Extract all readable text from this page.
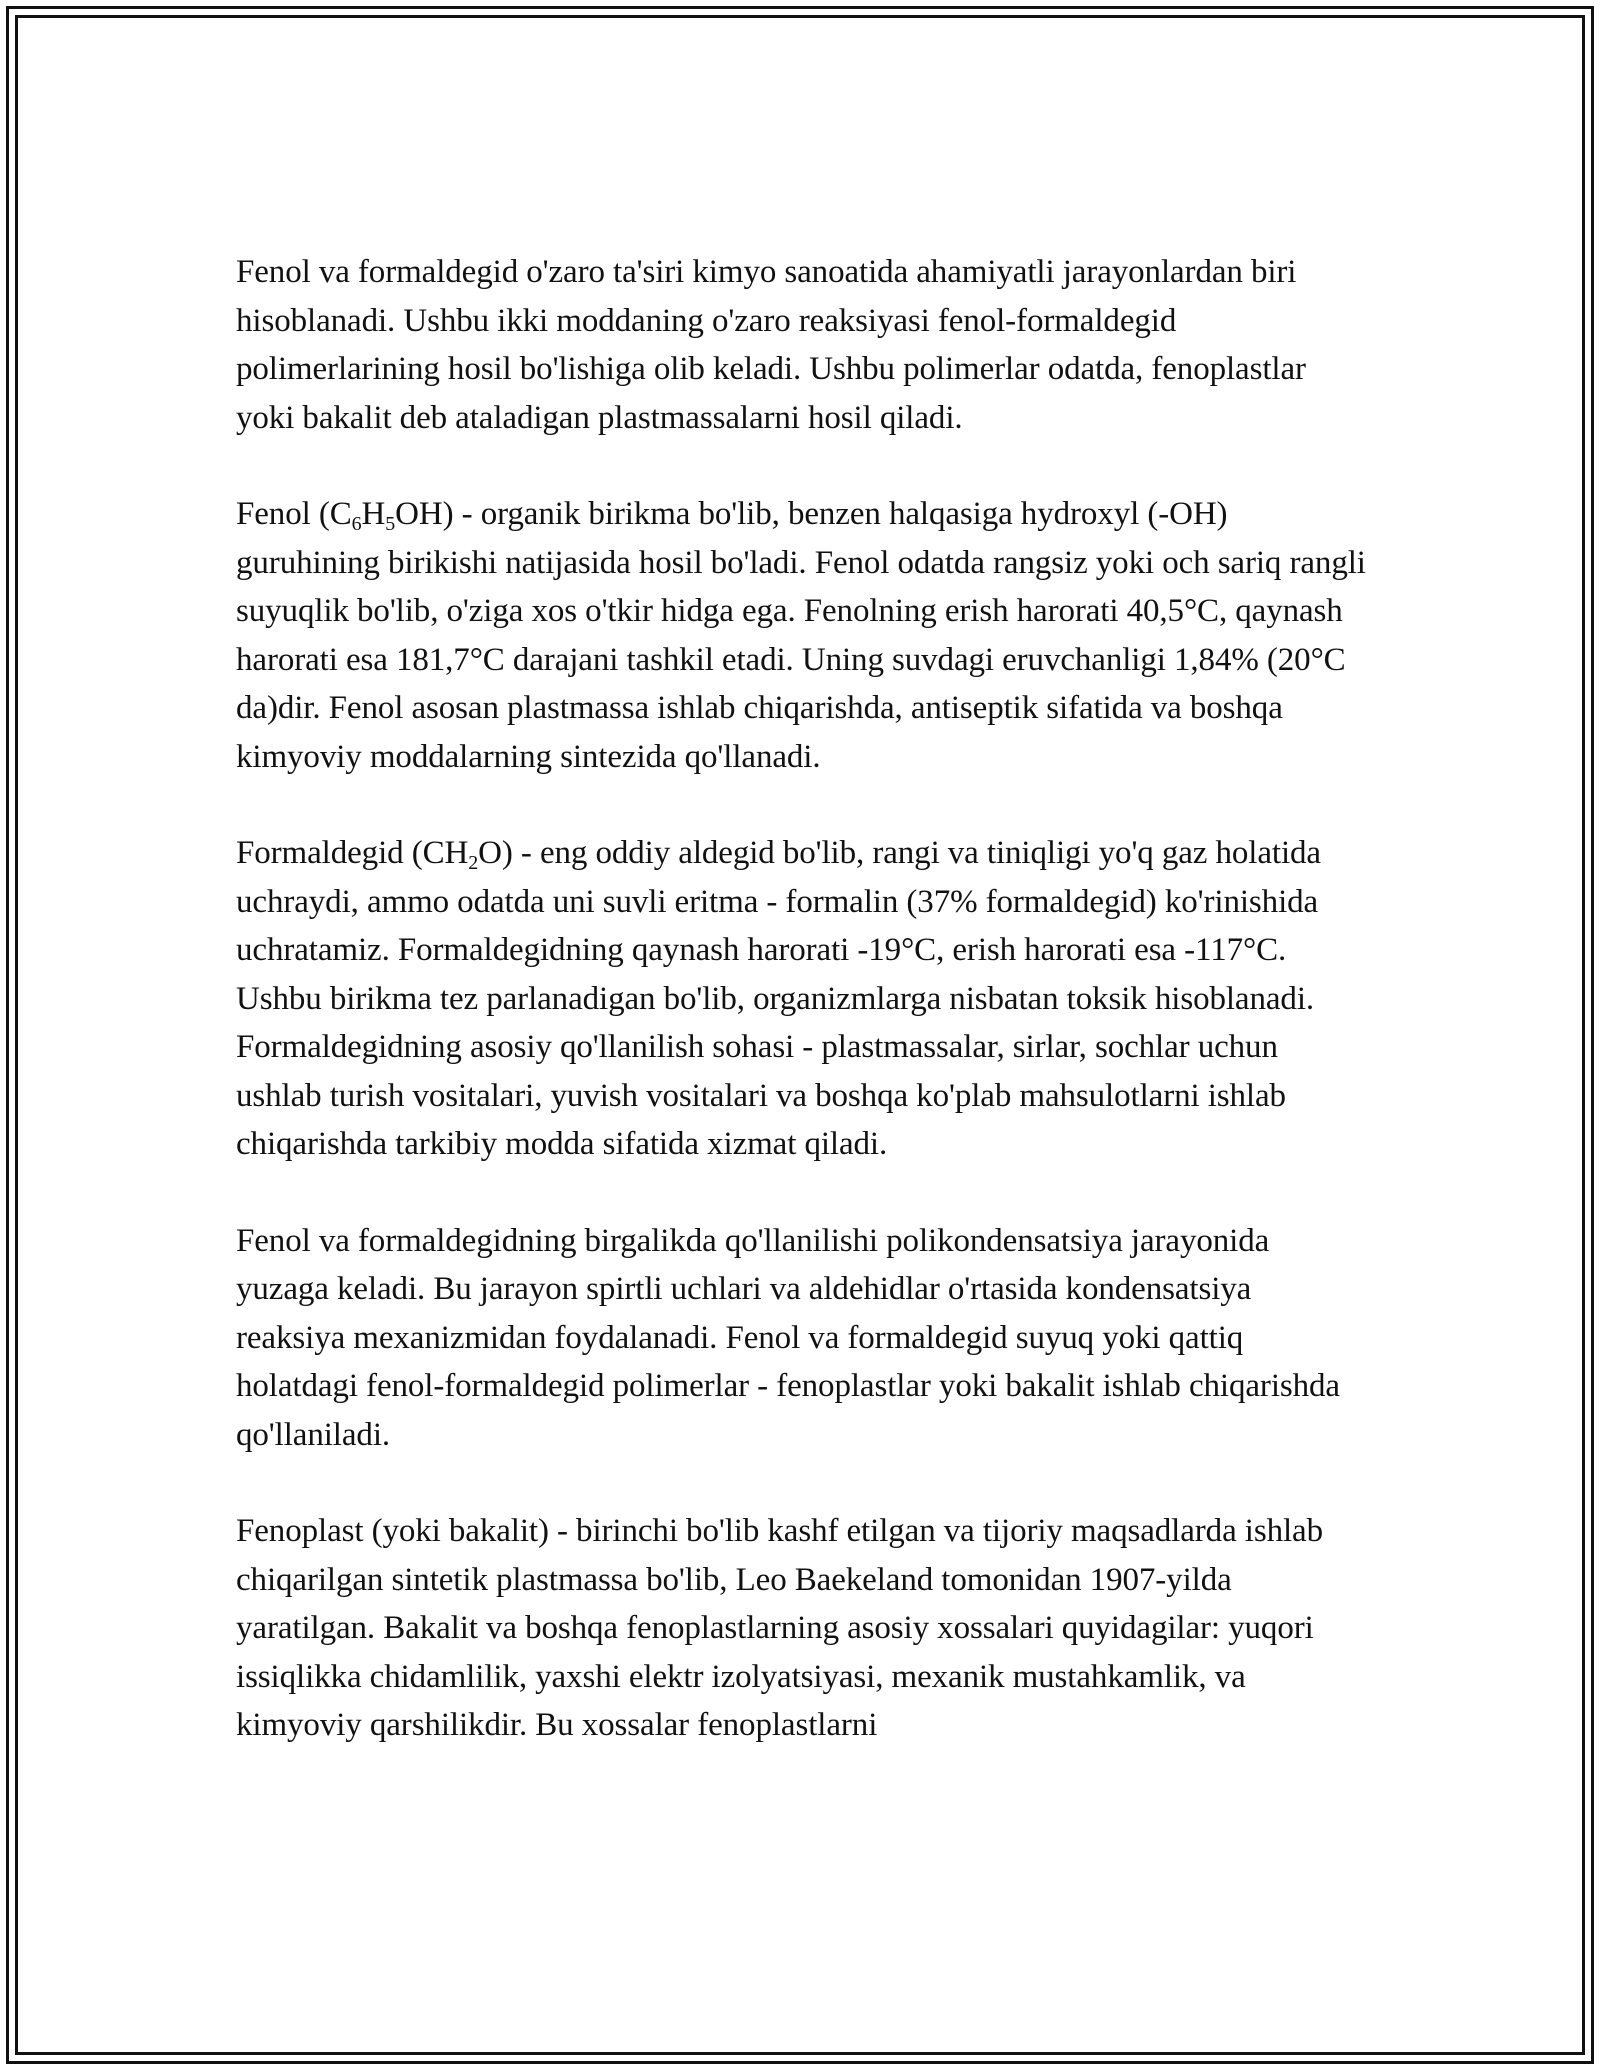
Fenol va formaldegid o'zaro ta'siri kimyo sanoatida ahamiyatli jarayonlardan biri hisoblanadi. Ushbu ikki moddaning o'zaro reaksiyasi fenol-formaldegid polimerlarining hosil bo'lishiga olib keladi. Ushbu polimerlar odatda, fenoplastlar yoki bakalit deb ataladigan plastmassalarni hosil qiladi.

Fenol $(C_6H_5OH)$ - organik birikma bo'lib, benzen halqasiga hydroxyl (-OH) guruhining birikishi natijasida hosil bo'ladi. Fenol odatda rangsiz yoki och sariq rangli suyuqlik bo'lib, o'ziga xos o'tkir hidga ega. Fenolning erish harorati 40,5°C, qaynash harorati esa 181,7°C darajani tashkil etadi. Uning suvdagi eruvchanligi 1,84% (20°C da)dir. Fenol asosan plastmassa ishlab chiqarishda, antiseptik sifatida va boshqa kimyoviy moddalarning sintezida qo'llanadi.

Formaldegid $(CH_2O)$ - eng oddiy aldegid bo'lib, rangi va tiniqligi yo'q gaz holatida uchraydi, ammo odatda uni suvli eritma - formalin (37% formaldegid) ko'rinishida uchratamiz. Formaldegidning qaynash harorati -19°C, erish harorati esa -117°C. Ushbu birikma tez parlanadigan bo'lib, organizmlarga nisbatan toksik hisoblanadi. Formaldegidning asosiy qo'llanilish sohasi - plastmassalar, sirlar, sochlar uchun ushlab turish vositalari, yuvish vositalari va boshqa ko'plab mahsulotlarni ishlab chiqarishda tarkibiy modda sifatida xizmat qiladi.

Fenol va formaldegidning birgalikda qo'llanilishi polikondensatsiya jarayonida yuzaga keladi. Bu jarayon spirtli uchlari va aldehidlar o'rtasida kondensatsiya reaksiya mexanizmidan foydalanadi. Fenol va formaldegid suyuq yoki qattiq holatdagi fenol-formaldegid polimerlar - fenoplastlar yoki bakalit ishlab chiqarishda qo'llaniladi.

Fenoplast (yoki bakalit) - birinchi bo'lib kashf etilgan va tijoriy maqsadlarda ishlab chiqarilgan sintetik plastmassa bo'lib, Leo Baekeland tomonidan 1907-yilda yaratilgan. Bakalit va boshqa fenoplastlarning asosiy xossalari quyidagilar: yuqori issiqlikka chidamlilik, yaxshi elektr izolyatsiyasi, mexanik mustahkamlik, va kimyoviy qarshilikdir. Bu xossalar fenoplastlarni
